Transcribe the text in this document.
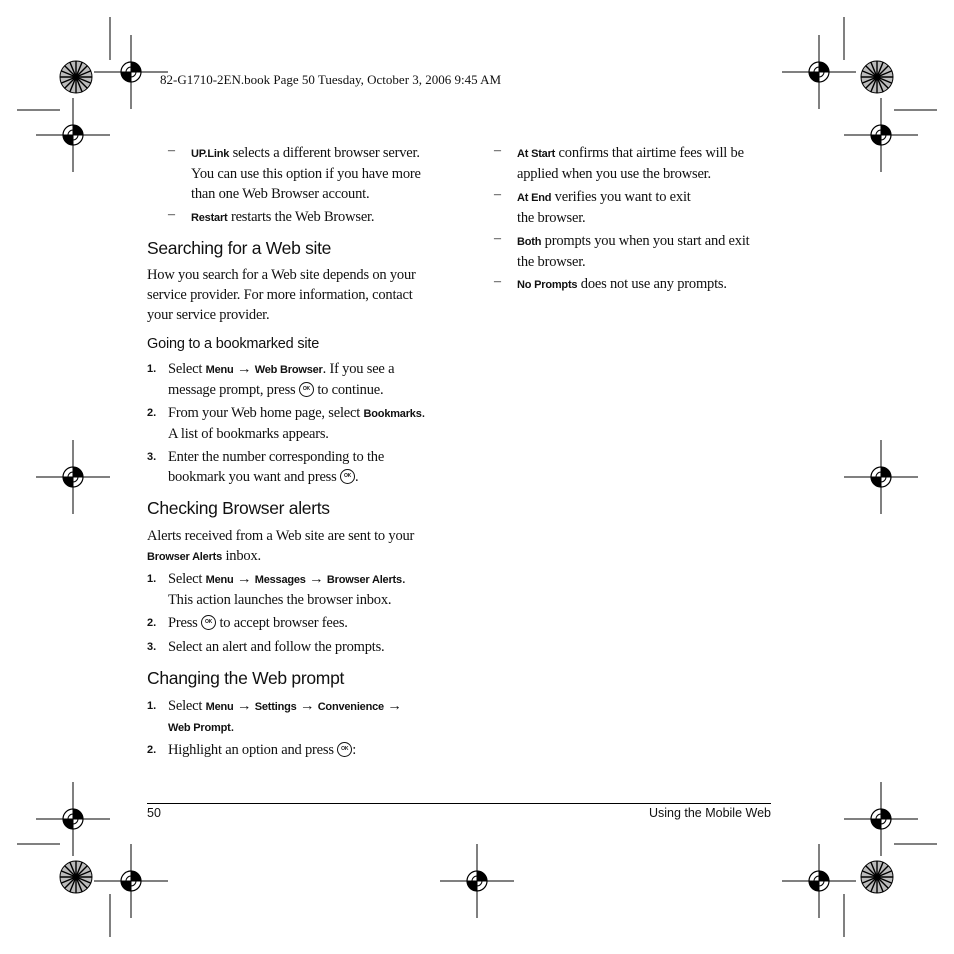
82-G1710-2EN.book Page 50 Tuesday, October 3, 2006 9:45 AM
– UP.Link selects a different browser server.
You can use this option if you have more
than one Web Browser account.
– Restart restarts the Web Browser.
Searching for a Web site
How you search for a Web site depends on your
service provider. For more information, contact
your service provider.
Going to a bookmarked site
1. Select Menu → Web Browser. If you see a
message prompt, press OK to continue.
2. From your Web home page, select Bookmarks.
A list of bookmarks appears.
3. Enter the number corresponding to the
bookmark you want and press OK.
Checking Browser alerts
Alerts received from a Web site are sent to your
Browser Alerts inbox.
1. Select Menu → Messages → Browser Alerts.
This action launches the browser inbox.
2. Press OK to accept browser fees.
3. Select an alert and follow the prompts.
Changing the Web prompt
1. Select Menu → Settings → Convenience →
Web Prompt.
2. Highlight an option and press OK:
– At Start confirms that airtime fees will be
applied when you use the browser.
– At End verifies you want to exit
the browser.
– Both prompts you when you start and exit
the browser.
– No Prompts does not use any prompts.
50	Using the Mobile Web
